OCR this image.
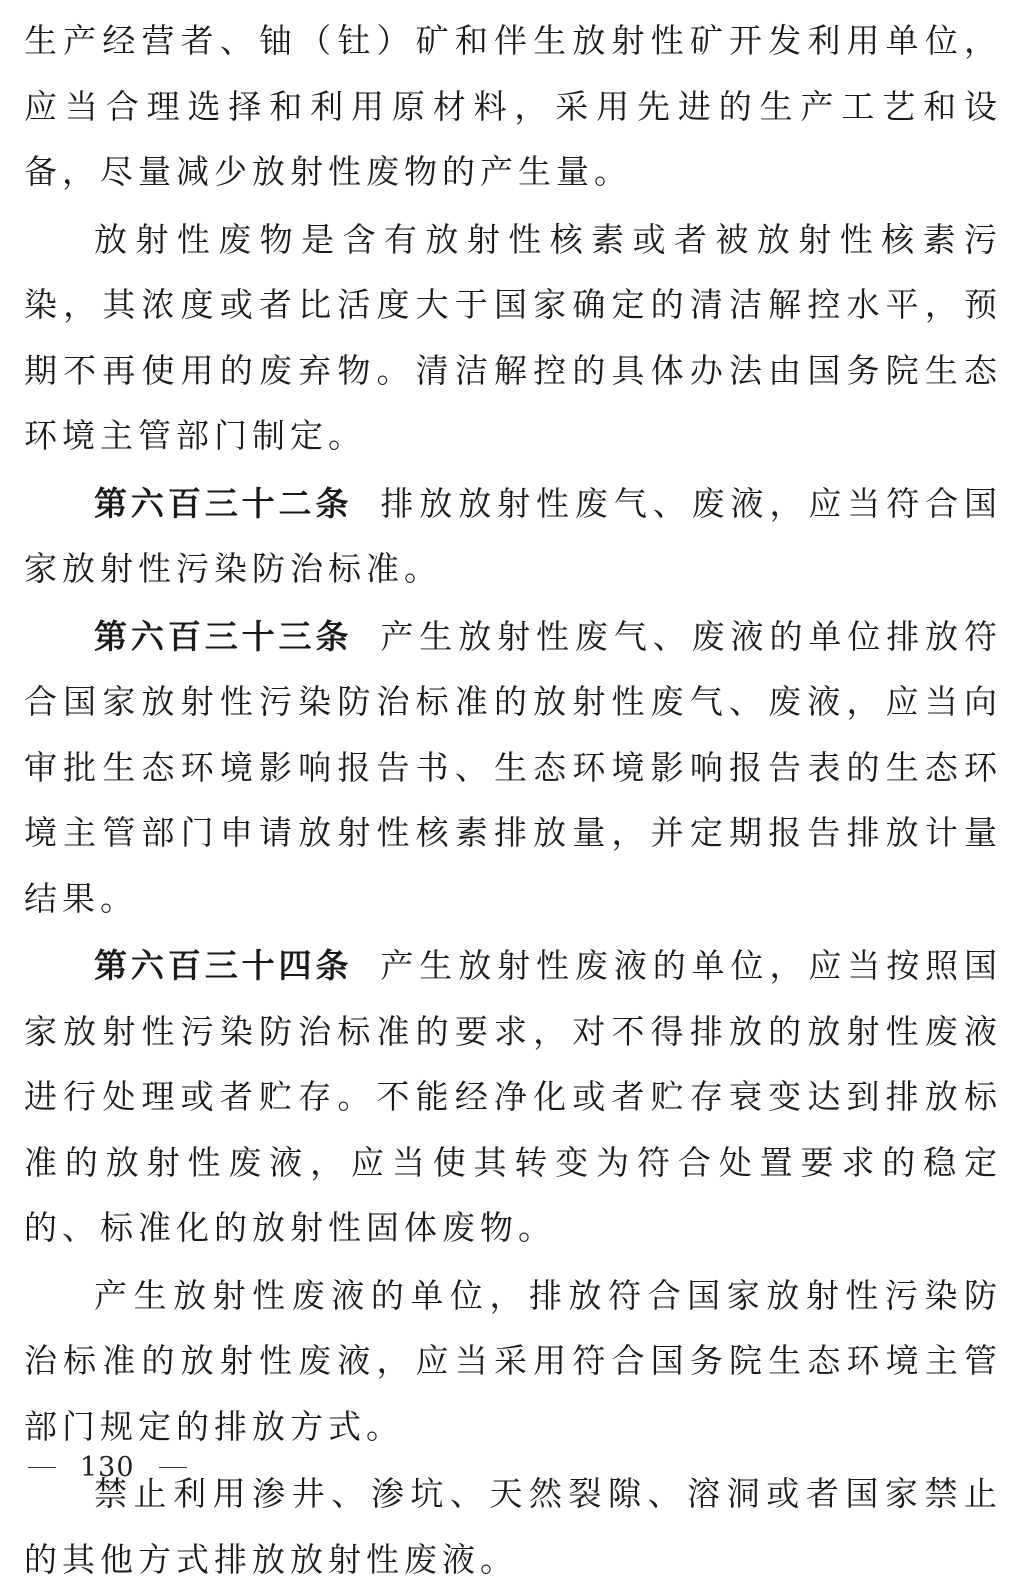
生产经营者、铀（钍）矿和伴生放射性矿开发利用单位，应当合理选择和利用原材料，采用先进的生产工艺和设备，尽量减少放射性废物的产生量。

放射性废物是含有放射性核素或者被放射性核素污染，其浓度或者比活度大于国家确定的清洁解控水平，预期不再使用的废弃物。清洁解控的具体办法由国务院生态环境主管部门制定。

第六百三十二条 排放放射性废气、废液，应当符合国家放射性污染防治标准。

第六百三十三条 产生放射性废气、废液的单位排放符合国家放射性污染防治标准的放射性废气、废液，应当向审批生态环境影响报告书、生态环境影响报告表的生态环境主管部门申请放射性核素排放量，并定期报告排放计量结果。

第六百三十四条 产生放射性废液的单位，应当按照国家放射性污染防治标准的要求，对不得排放的放射性废液进行处理或者贮存。不能经净化或者贮存衰变达到排放标准的放射性废液，应当使其转变为符合处置要求的稳定的、标准化的放射性固体废物。

产生放射性废液的单位，排放符合国家放射性污染防治标准的放射性废液，应当采用符合国务院生态环境主管部门规定的排放方式。

禁止利用渗井、渗坑、天然裂隙、溶洞或者国家禁止的其他方式排放放射性废液。

130
